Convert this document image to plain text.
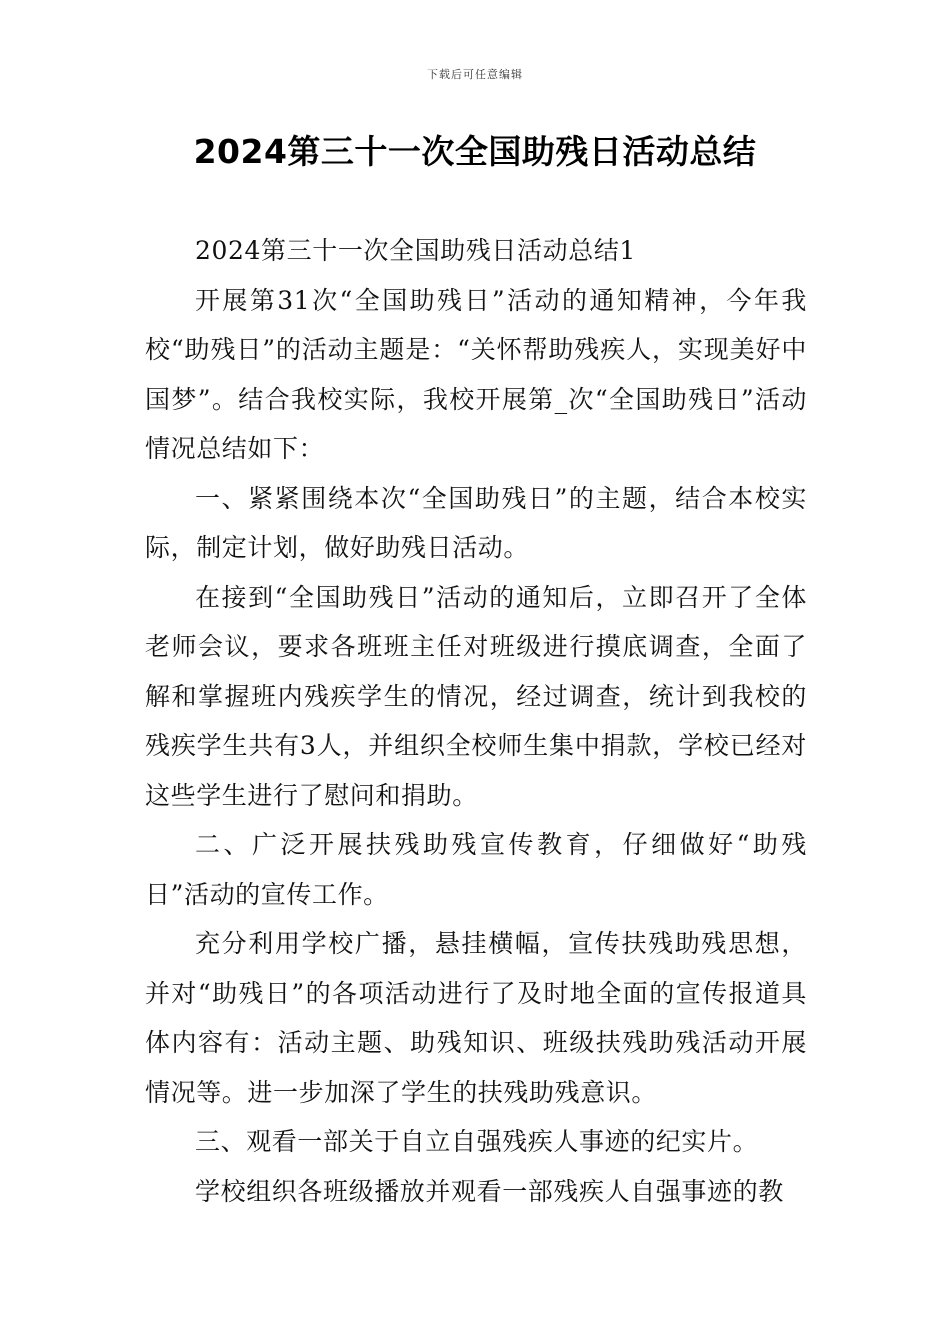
下载后可任意编辑
2024第三十一次全国助残日活动总结

2024第三十一次全国助残日活动总结1

开展第31次“全国助残日”活动的通知精神，今年我校“助残日”的活动主题是：“关怀帮助残疾人，实现美好中国梦”。结合我校实际，我校开展第_次“全国助残日”活动情况总结如下：

一、紧紧围绕本次“全国助残日”的主题，结合本校实际，制定计划，做好助残日活动。

在接到“全国助残日”活动的通知后，立即召开了全体老师会议，要求各班班主任对班级进行摸底调查，全面了解和掌握班内残疾学生的情况，经过调查，统计到我校的残疾学生共有3人，并组织全校师生集中捐款，学校已经对这些学生进行了慰问和捐助。

二、广泛开展扶残助残宣传教育，仔细做好“助残日”活动的宣传工作。

充分利用学校广播，悬挂横幅，宣传扶残助残思想，并对“助残日”的各项活动进行了及时地全面的宣传报道具体内容有：活动主题、助残知识、班级扶残助残活动开展情况等。进一步加深了学生的扶残助残意识。

三、观看一部关于自立自强残疾人事迹的纪实片。

学校组织各班级播放并观看一部残疾人自强事迹的教
